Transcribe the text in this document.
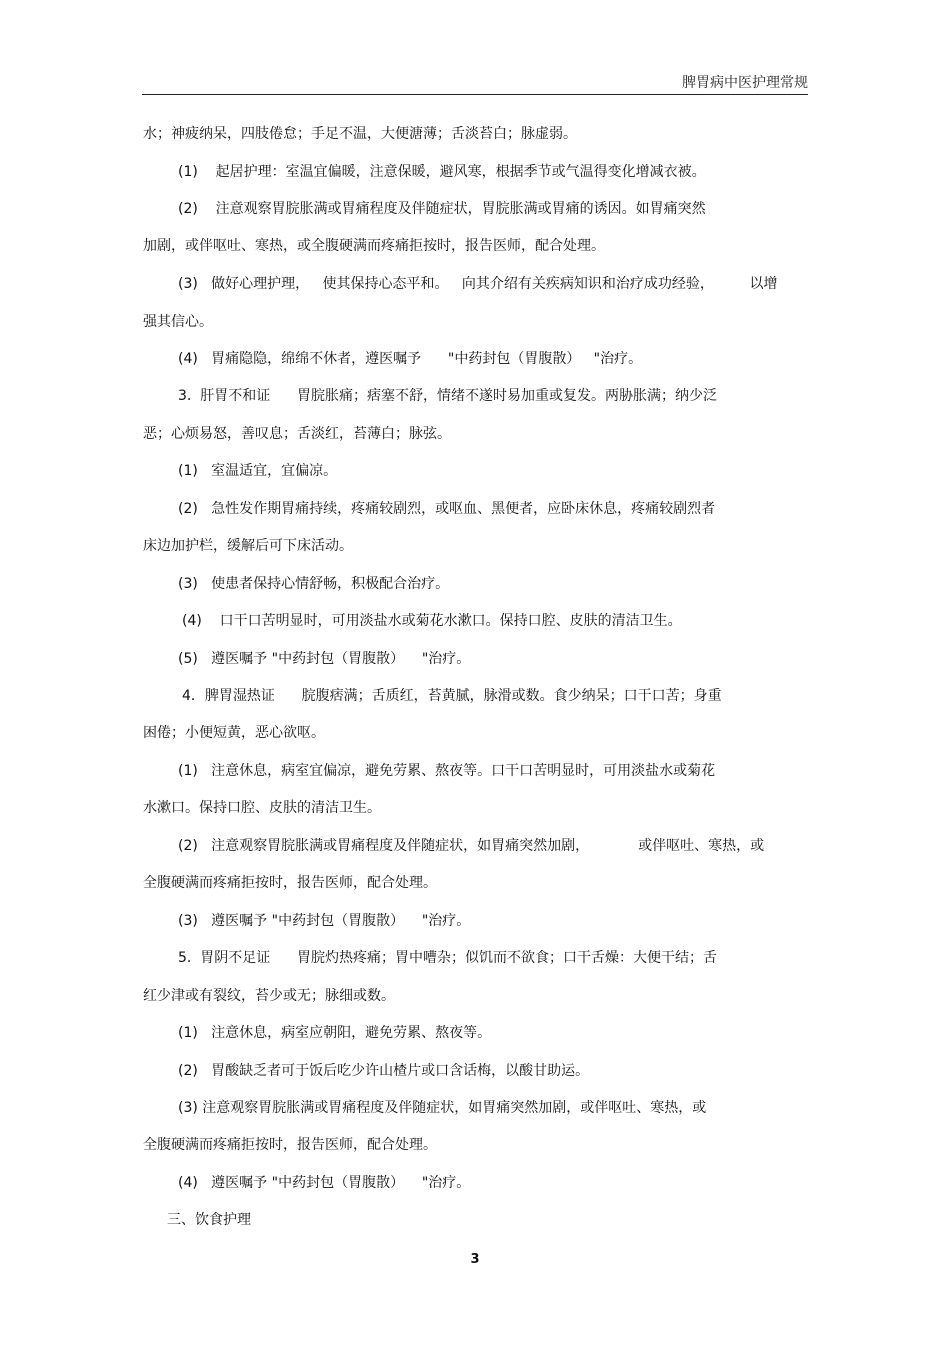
脾胃病中医护理常规
水；神疲纳呆，四肢倦怠；手足不温，大便溏薄；舌淡苔白；脉虚弱。
(1)    起居护理：室温宜偏暖，注意保暖，避风寒，根据季节或气温得变化增减衣被。
(2)    注意观察胃脘胀满或胃痛程度及伴随症状，胃脘胀满或胃痛的诱因。如胃痛突然
加剧，或伴呕吐、寒热，或全腹硬满而疼痛拒按时，报告医师，配合处理。
(3)   做好心理护理，   使其保持心态平和。   向其介绍有关疾病知识和治疗成功经验，        以增
强其信心。
(4)   胃痛隐隐，绵绵不休者，遵医嘱予      "中药封包（胃腹散）   "治疗。
3.  肝胃不和证      胃脘胀痛；痞塞不舒，情绪不遂时易加重或复发。两胁胀满；纳少泛
恶；心烦易怒，善叹息；舌淡红，苔薄白；脉弦。
(1)   室温适宜，宜偏凉。
(2)   急性发作期胃痛持续，疼痛较剧烈，或呕血、黑便者，应卧床休息，疼痛较剧烈者
床边加护栏，缓解后可下床活动。
(3)   使患者保持心情舒畅，积极配合治疗。
(4)    口干口苦明显时，可用淡盐水或菊花水漱口。保持口腔、皮肤的清洁卫生。
(5)   遵医嘱予 "中药封包（胃腹散）    "治疗。
4．脾胃湿热证      脘腹痞满；舌质红，苔黄腻，脉滑或数。食少纳呆；口干口苦；身重
困倦；小便短黄，恶心欲呕。
(1)   注意休息，病室宜偏凉，避免劳累、熬夜等。口干口苦明显时，可用淡盐水或菊花
水漱口。保持口腔、皮肤的清洁卫生。
(2)   注意观察胃脘胀满或胃痛程度及伴随症状，如胃痛突然加剧，           或伴呕吐、寒热，或
全腹硬满而疼痛拒按时，报告医师，配合处理。
(3)   遵医嘱予 "中药封包（胃腹散）    "治疗。
5.  胃阴不足证      胃脘灼热疼痛；胃中嘈杂；似饥而不欲食；口干舌燥：大便干结；舌
红少津或有裂纹，苔少或无；脉细或数。
(1)   注意休息，病室应朝阳，避免劳累、熬夜等。
(2)   胃酸缺乏者可于饭后吃少许山楂片或口含话梅，以酸甘助运。
(3) 注意观察胃脘胀满或胃痛程度及伴随症状，如胃痛突然加剧，或伴呕吐、寒热，或
全腹硬满而疼痛拒按时，报告医师，配合处理。
(4)   遵医嘱予 "中药封包（胃腹散）    "治疗。
三、饮食护理
3
